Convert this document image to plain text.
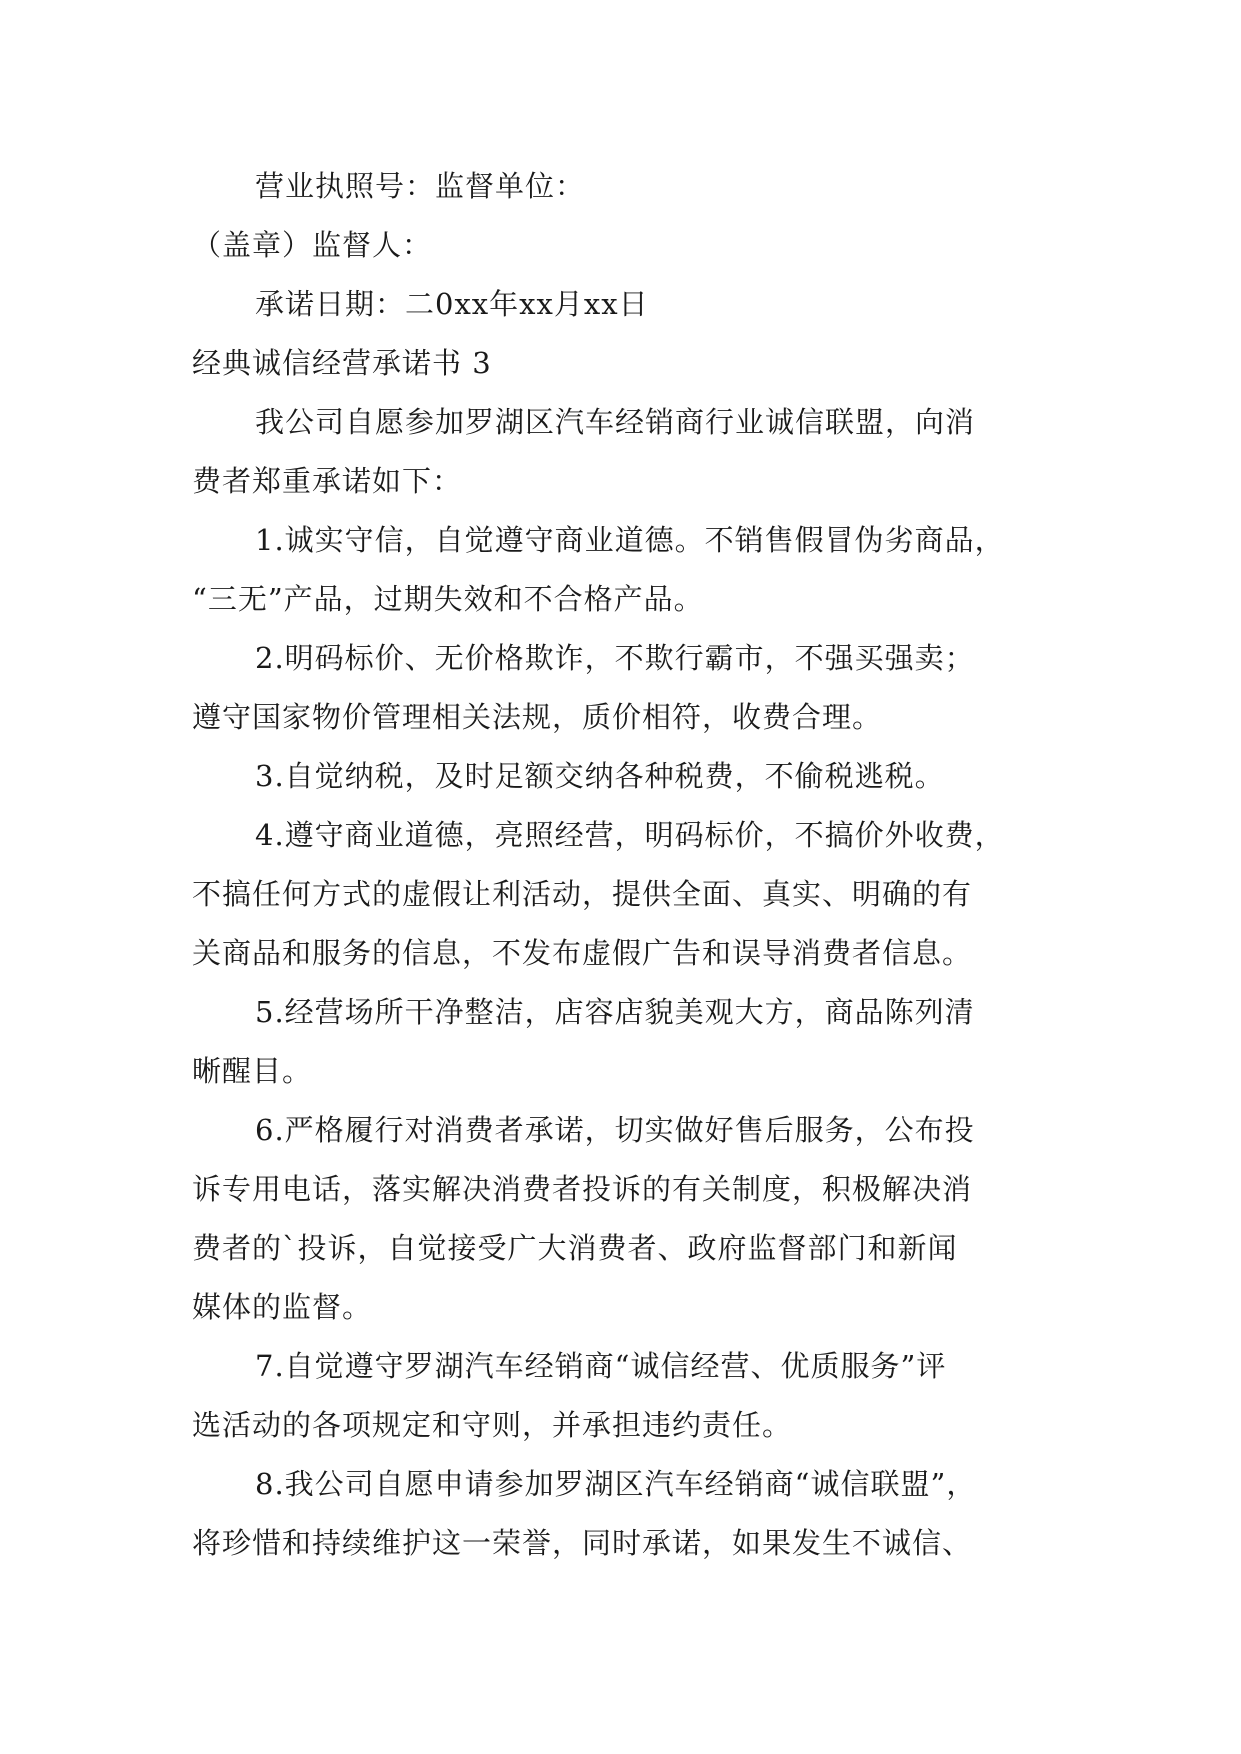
营业执照号：监督单位：
（盖章）监督人：
承诺日期：二0xx年xx月xx日
经典诚信经营承诺书 3
我公司自愿参加罗湖区汽车经销商行业诚信联盟，向消
费者郑重承诺如下：
1.诚实守信，自觉遵守商业道德。不销售假冒伪劣商品，
“三无”产品，过期失效和不合格产品。
2.明码标价、无价格欺诈，不欺行霸市，不强买强卖；
遵守国家物价管理相关法规，质价相符，收费合理。
3.自觉纳税，及时足额交纳各种税费，不偷税逃税。
4.遵守商业道德，亮照经营，明码标价，不搞价外收费，
不搞任何方式的虚假让利活动，提供全面、真实、明确的有
关商品和服务的信息，不发布虚假广告和误导消费者信息。
5.经营场所干净整洁，店容店貌美观大方，商品陈列清
晰醒目。
6.严格履行对消费者承诺，切实做好售后服务，公布投
诉专用电话，落实解决消费者投诉的有关制度，积极解决消
费者的`投诉，自觉接受广大消费者、政府监督部门和新闻
媒体的监督。
7.自觉遵守罗湖汽车经销商“诚信经营、优质服务”评
选活动的各项规定和守则，并承担违约责任。
8.我公司自愿申请参加罗湖区汽车经销商“诚信联盟”，
将珍惜和持续维护这一荣誉，同时承诺，如果发生不诚信、
